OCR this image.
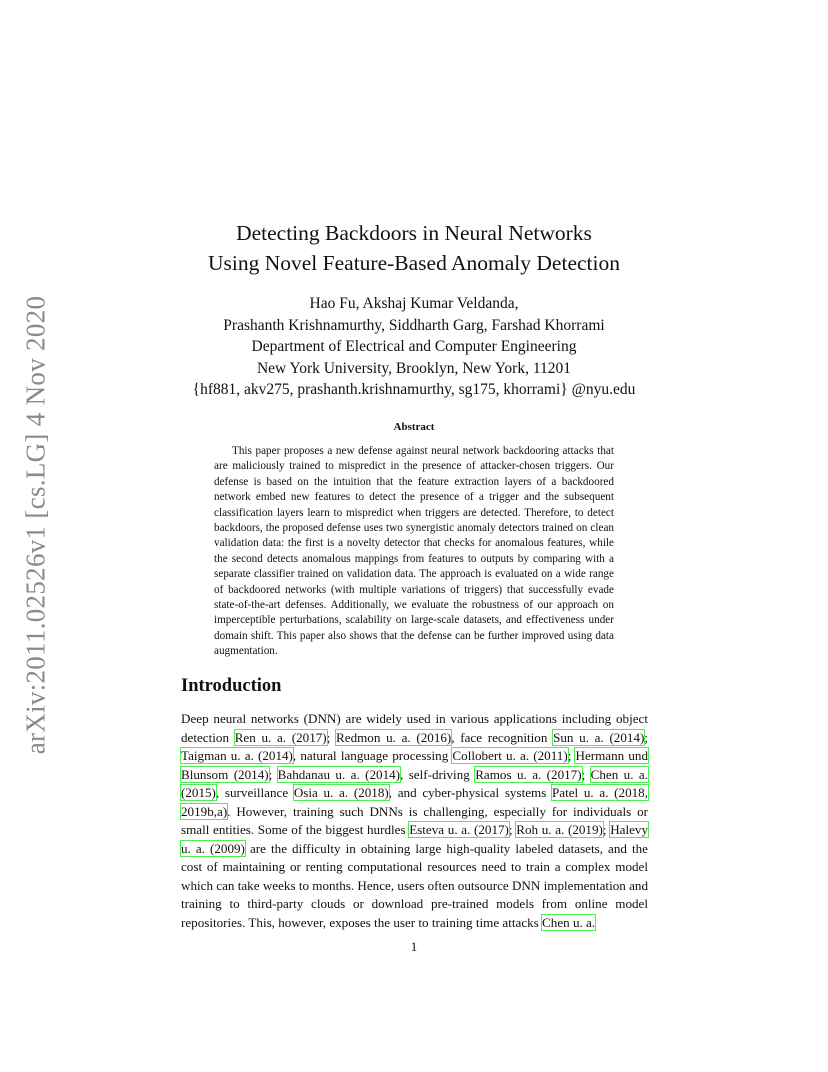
arXiv:2011.02526v1 [cs.LG] 4 Nov 2020
Detecting Backdoors in Neural Networks
Using Novel Feature-Based Anomaly Detection
Hao Fu, Akshaj Kumar Veldanda,
Prashanth Krishnamurthy, Siddharth Garg, Farshad Khorrami
Department of Electrical and Computer Engineering
New York University, Brooklyn, New York, 11201
{hf881, akv275, prashanth.krishnamurthy, sg175, khorrami} @nyu.edu
Abstract

This paper proposes a new defense against neural network backdooring attacks that are maliciously trained to mispredict in the presence of attacker-chosen triggers. Our defense is based on the intuition that the feature extraction layers of a backdoored network embed new features to detect the presence of a trigger and the subsequent classification layers learn to mispredict when triggers are detected. Therefore, to detect backdoors, the proposed defense uses two synergistic anomaly detectors trained on clean validation data: the first is a novelty detector that checks for anomalous features, while the second detects anomalous mappings from features to outputs by comparing with a separate classifier trained on validation data. The approach is evaluated on a wide range of backdoored networks (with multiple variations of triggers) that successfully evade state-of-the-art defenses. Additionally, we evaluate the robustness of our approach on imperceptible perturbations, scalability on large-scale datasets, and effectiveness under domain shift. This paper also shows that the defense can be further improved using data augmentation.

Introduction

Deep neural networks (DNN) are widely used in various applications including object detection Ren u. a. (2017); Redmon u. a. (2016), face recognition Sun u. a. (2014); Taigman u. a. (2014), natural language processing Collobert u. a. (2011); Hermann und Blunsom (2014); Bahdanau u. a. (2014), self-driving Ramos u. a. (2017); Chen u. a. (2015), surveillance Osia u. a. (2018), and cyber-physical systems Patel u. a. (2018, 2019b,a). However, training such DNNs is challenging, especially for individuals or small entities. Some of the biggest hurdles Esteva u. a. (2017); Roh u. a. (2019); Halevy u. a. (2009) are the difficulty in obtaining large high-quality labeled datasets, and the cost of maintaining or renting computational resources need to train a complex model which can take weeks to months. Hence, users often outsource DNN implementation and training to third-party clouds or download pre-trained models from online model repositories. This, however, exposes the user to training time attacks Chen u. a.

1
